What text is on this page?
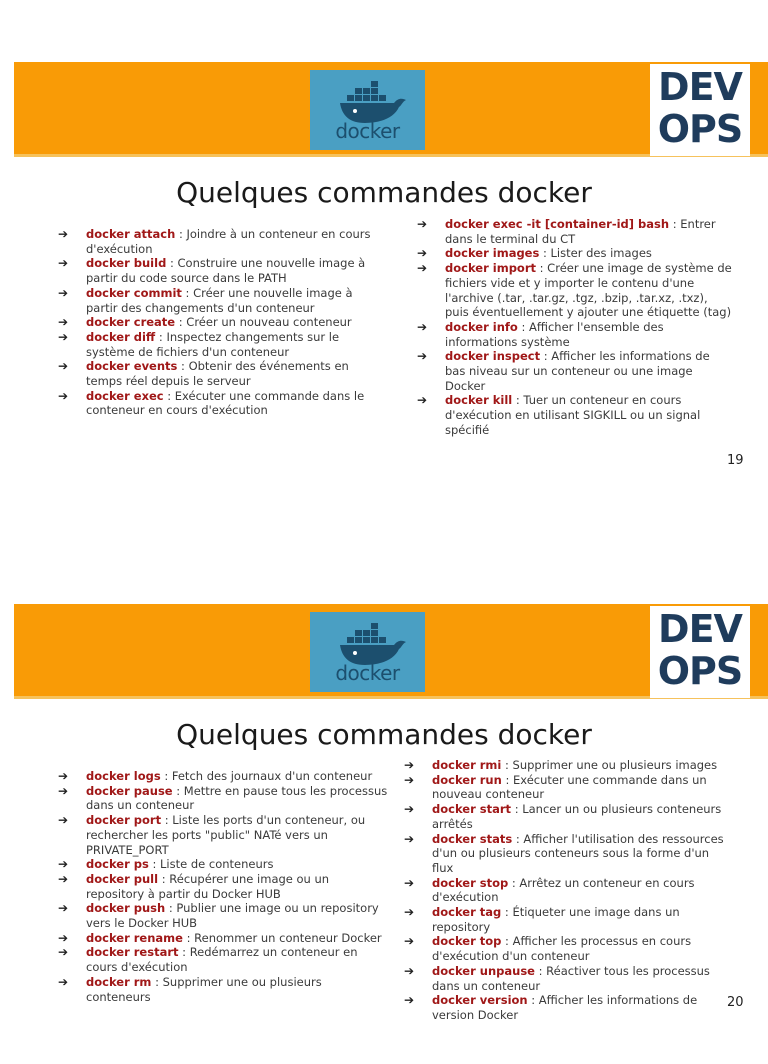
docker
DEV
OPS
Quelques commandes docker
➔ docker attach : Joindre à un conteneur en cours d'exécution
➔ docker build : Construire une nouvelle image à partir du code source dans le PATH
➔ docker commit : Créer une nouvelle image à partir des changements d'un conteneur
➔ docker create : Créer un nouveau conteneur
➔ docker diff : Inspectez changements sur le système de fichiers d'un conteneur
➔ docker events : Obtenir des événements en temps réel depuis le serveur
➔ docker exec : Exécuter une commande dans le conteneur en cours d'exécution
➔ docker exec -it [container-id] bash : Entrer dans le terminal du CT
➔ docker images : Lister des images
➔ docker import : Créer une image de système de fichiers vide et y importer le contenu d'une l'archive (.tar, .tar.gz, .tgz, .bzip, .tar.xz, .txz), puis éventuellement y ajouter une étiquette (tag)
➔ docker info : Afficher l'ensemble des informations système
➔ docker inspect : Afficher les informations de bas niveau sur un conteneur ou une image Docker
➔ docker kill : Tuer un conteneur en cours d'exécution en utilisant SIGKILL ou un signal spécifié
19
docker
DEV
OPS
Quelques commandes docker
➔ docker logs : Fetch des journaux d'un conteneur
➔ docker pause : Mettre en pause tous les processus dans un conteneur
➔ docker port : Liste les ports d'un conteneur, ou rechercher les ports "public" NATé vers un PRIVATE_PORT
➔ docker ps : Liste de conteneurs
➔ docker pull : Récupérer une image ou un repository à partir du Docker HUB
➔ docker push : Publier une image ou un repository vers le Docker HUB
➔ docker rename : Renommer un conteneur Docker
➔ docker restart : Redémarrez un conteneur en cours d'exécution
➔ docker rm : Supprimer une ou plusieurs conteneurs
➔ docker rmi : Supprimer une ou plusieurs images
➔ docker run : Exécuter une commande dans un nouveau conteneur
➔ docker start : Lancer un ou plusieurs conteneurs arrêtés
➔ docker stats : Afficher l'utilisation des ressources d'un ou plusieurs conteneurs sous la forme d'un flux
➔ docker stop : Arrêtez un conteneur en cours d'exécution
➔ docker tag : Étiqueter une image dans un repository
➔ docker top : Afficher les processus en cours d'exécution d'un conteneur
➔ docker unpause : Réactiver tous les processus dans un conteneur
➔ docker version : Afficher les informations de version Docker
20
